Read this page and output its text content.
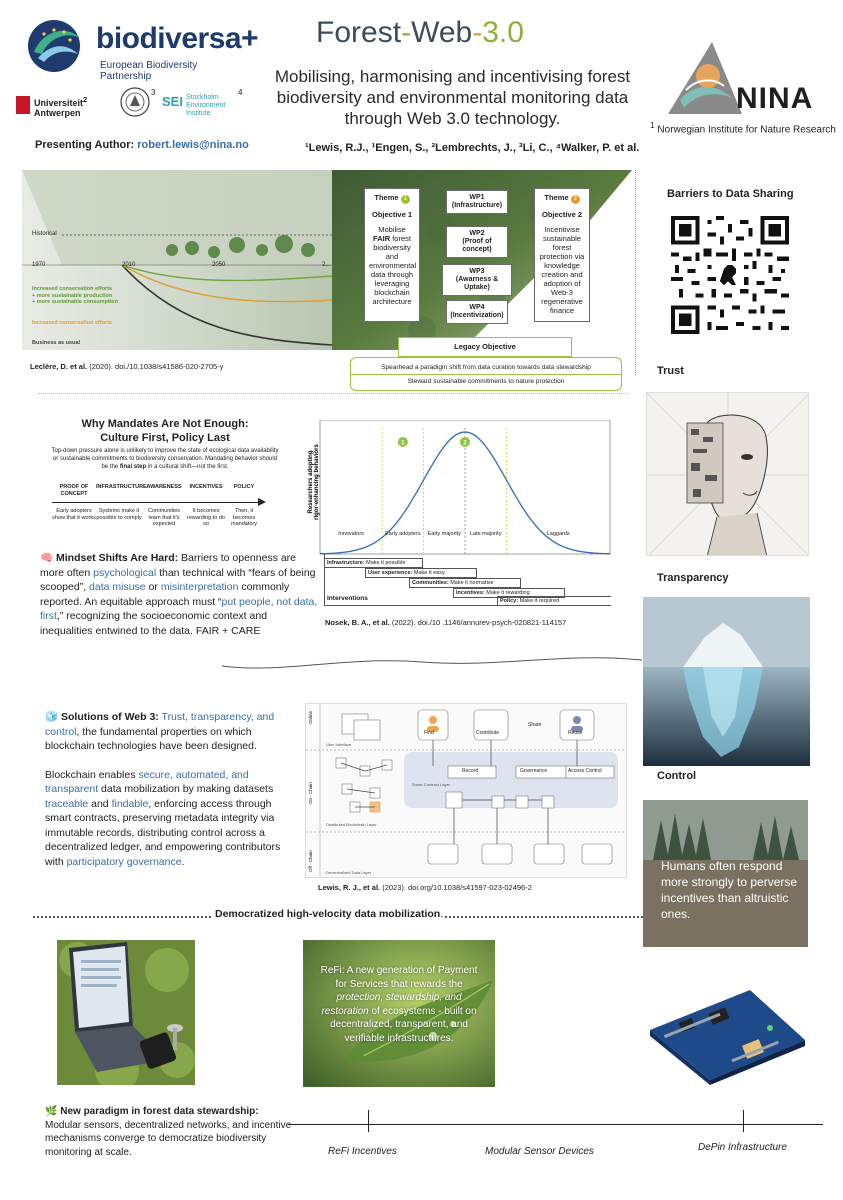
biodiversa+
European Biodiversity Partnership
Universiteit$^2$
Antwerpen
3
SEI Stockholm
Environment
Institute
4
Forest-Web-3.0
Mobilising, harmonising and incentivising forest biodiversity and environmental monitoring data through Web 3.0 technology.
NINA
$^1$ Norwegian Institute for Nature Research
Presenting Author: robert.lewis@nina.no	¹Lewis, R.J., ¹Engen, S., ²Lembrechts, J., ³Li, C., ⁴Walker, P. et al.
Historical
1970	2010	2050	2...
Increased conservation efforts
+ more sustainable production
+ more sustainable consumption
Increased conservation efforts
Business as usual
Theme 1
Objective 1
Mobilise FAIR forest biodiversity and environmental data through leveraging blockchain architecture
Theme 2
Objective 2
Incentivise sustainable forest protection via knowledge creation and adoption of Web-3 regenerative finance
WP1
(Infrastructure)
WP2
(Proof of concept)
WP3
(Awarness & Uptake)
WP4
(Incentivization)
Legacy Objective
Spearhead a paradigm shift from data curation towards data stewardship
Steward sustainable commitments to nature protection
Leclère, D. et al. (2020). doi./10.1038/s41586-020-2705-y
Barriers to Data Sharing
Trust
Transparency
Control
Humans often respond more strongly to perverse incentives than altruistic ones.
Why Mandates Are Not Enough:
Culture First, Policy Last
Top-down pressure alone is unlikely to improve the state of ecological data availability or sustainable commitments to biodiversity conservation. Mandating behavior should be the final step in a cultural shift—not the first.
PROOF OF CONCEPT
Early adopters show that it works
INFRASTRUCTURE
Systems make it possible to comply
AWARENESS
Communities learn that it's expected
INCENTIVES
It becomes rewarding to do so
POLICY
Then, it becomes mandatory
🧠 Mindset Shifts Are Hard: Barriers to openness are more often psychological than technical with “fears of being scooped”, data misuse or misinterpretation commonly reported. An equitable approach must “put people, not data, first,” recognizing the socioeconomic context and inequalities entwined to the data. FAIR + CARE
1	2
Researchers adopting rigor-enhancing behaviors
Innovators	Early adopters	Early majority	Late majority	Laggards
Infrastructure: Make it possible
User experience: Make it easy
Communities: Make it normative
Incentives: Make it rewarding
Policy: Make it required
Interventions
Nosek, B. A., et al. (2022). doi./10 .1146/annurev-psych-020821-114157

🧊 Solutions of Web 3: Trust, transparency, and control, the fundamental properties on which blockchain technologies have been designed.

Blockchain enables secure, automated, and transparent data mobilization by making datasets traceable and findable, enforcing access through smart contracts, preserving metadata integrity via immutable records, distributing control across a decentralized ledger, and empowering contributors with participatory governance.

Online
On - Chain
Off - Chain
Find	Contribute
Share
Reuse
Record	Governance	Access Control
User Interface
Smart Contract Layer
Distributed Blockchain Layer
Decentralized Data Layer
Lewis, R. J., et al. (2023). doi.org/10.1038/s41597-023-02496-2
Democratized high-velocity data mobilization.
ReFi: A new generation of Payment for Services that rewards the protection, stewardship, and restoration of ecosystems - built on decentralized, transparent, and verifiable infrastructures.
🌿 New paradigm in forest data stewardship:
Modular sensors, decentralized networks, and incentive mechanisms converge to democratize biodiversity monitoring at scale.	ReFi Incentives	Modular Sensor Devices	DePin Infrastructure
